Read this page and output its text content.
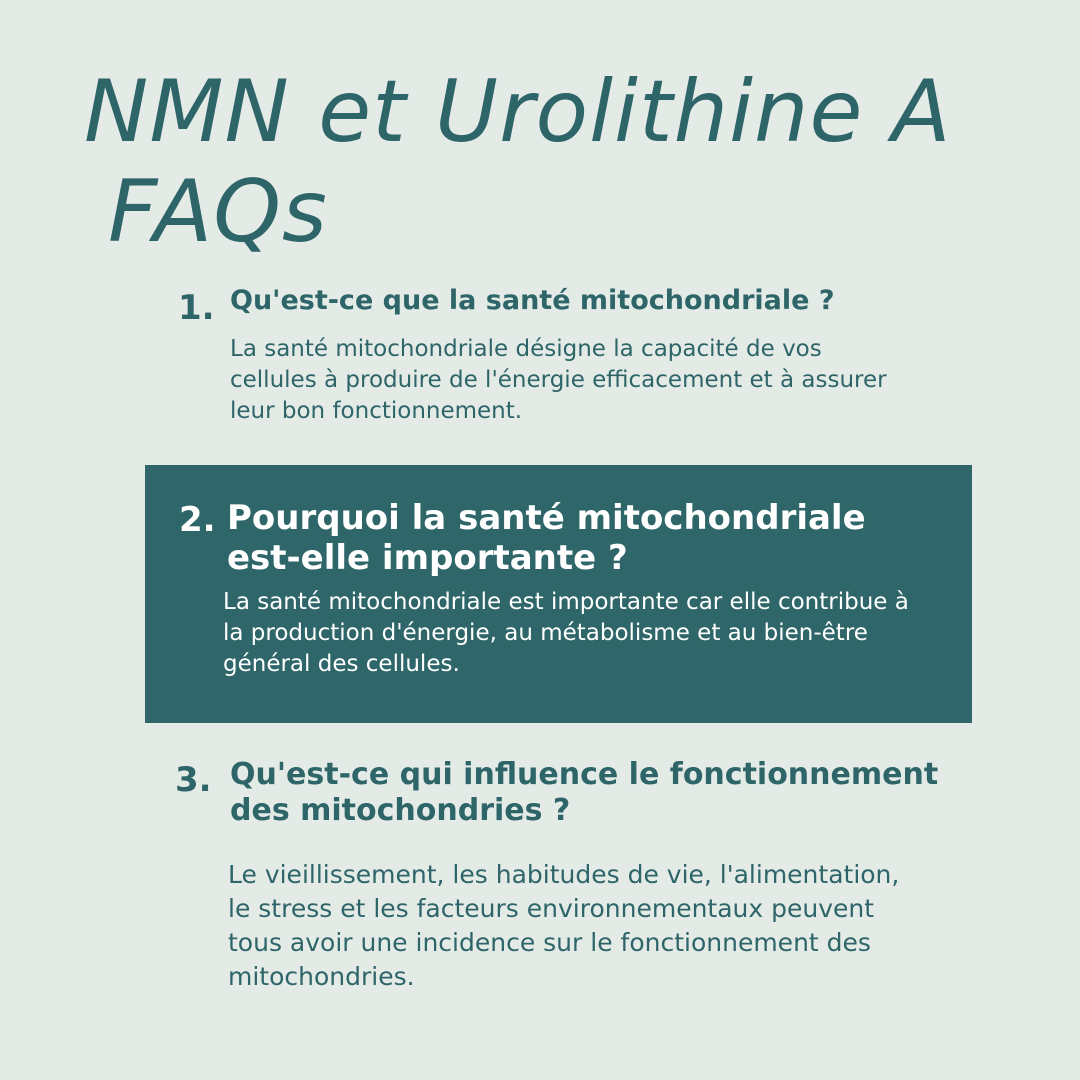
NMN et Urolithine A
FAQs
1. Qu'est-ce que la santé mitochondriale ?

La santé mitochondriale désigne la capacité de vos cellules à produire de l'énergie efficacement et à assurer leur bon fonctionnement.

2. Pourquoi la santé mitochondriale est-elle importante ?

La santé mitochondriale est importante car elle contribue à la production d'énergie, au métabolisme et au bien-être général des cellules.

3. Qu'est-ce qui influence le fonctionnement des mitochondries ?

Le vieillissement, les habitudes de vie, l'alimentation, le stress et les facteurs environnementaux peuvent tous avoir une incidence sur le fonctionnement des mitochondries.
